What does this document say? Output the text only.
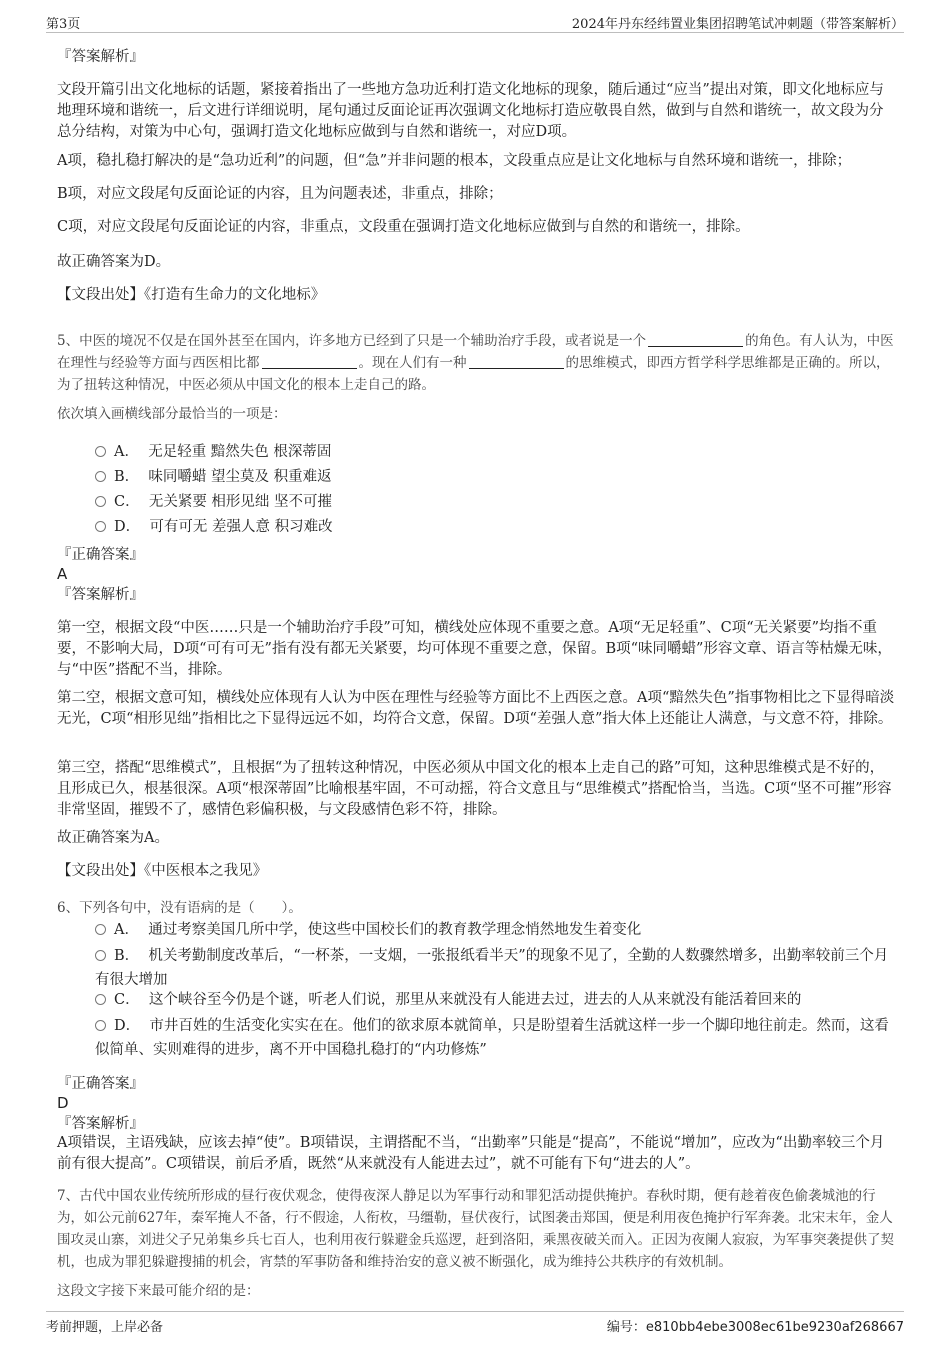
第3页	2024年丹东经纬置业集团招聘笔试冲刺题（带答案解析）
『答案解析』
文段开篇引出文化地标的话题，紧接着指出了一些地方急功近利打造文化地标的现象，随后通过“应当”提出对策，即文化地标应与地理环境和谐统一，后文进行详细说明，尾句通过反面论证再次强调文化地标打造应敬畏自然，做到与自然和谐统一，故文段为分总分结构，对策为中心句，强调打造文化地标应做到与自然和谐统一，对应D项。
A项，稳扎稳打解决的是“急功近利”的问题，但“急”并非问题的根本，文段重点应是让文化地标与自然环境和谐统一，排除；
B项，对应文段尾句反面论证的内容，且为问题表述，非重点，排除；
C项，对应文段尾句反面论证的内容，非重点，文段重在强调打造文化地标应做到与自然的和谐统一，排除。
故正确答案为D。
【文段出处】《打造有生命力的文化地标》
5、中医的境况不仅是在国外甚至在国内，许多地方已经到了只是一个辅助治疗手段，或者说是一个	的角色。有人认为，中医在理性与经验等方面与西医相比都	。现在人们有一种	的思维模式，即西方哲学科学思维都是正确的。所以，为了扭转这种情况，中医必须从中国文化的根本上走自己的路。
依次填入画横线部分最恰当的一项是：
A． 无足轻重 黯然失色 根深蒂固
B． 味同嚼蜡 望尘莫及 积重难返
C． 无关紧要 相形见绌 坚不可摧
D． 可有可无 差强人意 积习难改
『正确答案』
A
『答案解析』
第一空，根据文段“中医……只是一个辅助治疗手段”可知，横线处应体现不重要之意。A项“无足轻重”、C项“无关紧要”均指不重要，不影响大局，D项“可有可无”指有没有都无关紧要，均可体现不重要之意，保留。B项“味同嚼蜡”形容文章、语言等枯燥无味，与“中医”搭配不当，排除。
第二空，根据文意可知，横线处应体现有人认为中医在理性与经验等方面比不上西医之意。A项“黯然失色”指事物相比之下显得暗淡无光，C项“相形见绌”指相比之下显得远远不如，均符合文意，保留。D项“差强人意”指大体上还能让人满意，与文意不符，排除。
第三空，搭配“思维模式”，且根据“为了扭转这种情况，中医必须从中国文化的根本上走自己的路”可知，这种思维模式是不好的，且形成已久，根基很深。A项“根深蒂固”比喻根基牢固，不可动摇，符合文意且与“思维模式”搭配恰当，当选。C项“坚不可摧”形容非常坚固，摧毁不了，感情色彩偏积极，与文段感情色彩不符，排除。
故正确答案为A。
【文段出处】《中医根本之我见》
6、下列各句中，没有语病的是（　　）。
A． 通过考察美国几所中学，使这些中国校长们的教育教学理念悄然地发生着变化
B． 机关考勤制度改革后，“一杯茶，一支烟，一张报纸看半天”的现象不见了，全勤的人数骤然增多，出勤率较前三个月有很大增加
C． 这个峡谷至今仍是个谜，听老人们说，那里从来就没有人能进去过，进去的人从来就没有能活着回来的
D． 市井百姓的生活变化实实在在。他们的欲求原本就简单，只是盼望着生活就这样一步一个脚印地往前走。然而，这看似简单、实则难得的进步，离不开中国稳扎稳打的“内功修炼”
『正确答案』
D
『答案解析』
A项错误，主语残缺，应该去掉“使”。B项错误，主谓搭配不当，“出勤率”只能是“提高”，不能说“增加”，应改为“出勤率较三个月前有很大提高”。C项错误，前后矛盾，既然“从来就没有人能进去过”，就不可能有下句“进去的人”。
7、古代中国农业传统所形成的昼行夜伏观念，使得夜深人静足以为军事行动和罪犯活动提供掩护。春秋时期，便有趁着夜色偷袭城池的行为，如公元前627年，秦军掩人不备，行不假途，人衔枚，马缰勒，昼伏夜行，试图袭击郑国，便是利用夜色掩护行军奔袭。北宋末年，金人围攻灵山寨，刘进父子兄弟集乡兵七百人，也利用夜行躲避金兵巡逻，赶到洛阳，乘黑夜破关而入。正因为夜阑人寂寂，为军事突袭提供了契机，也成为罪犯躲避搜捕的机会，宵禁的军事防备和维持治安的意义被不断强化，成为维持公共秩序的有效机制。
这段文字接下来最可能介绍的是：
考前押题，上岸必备	编号：e810bb4ebe3008ec61be9230af268667
